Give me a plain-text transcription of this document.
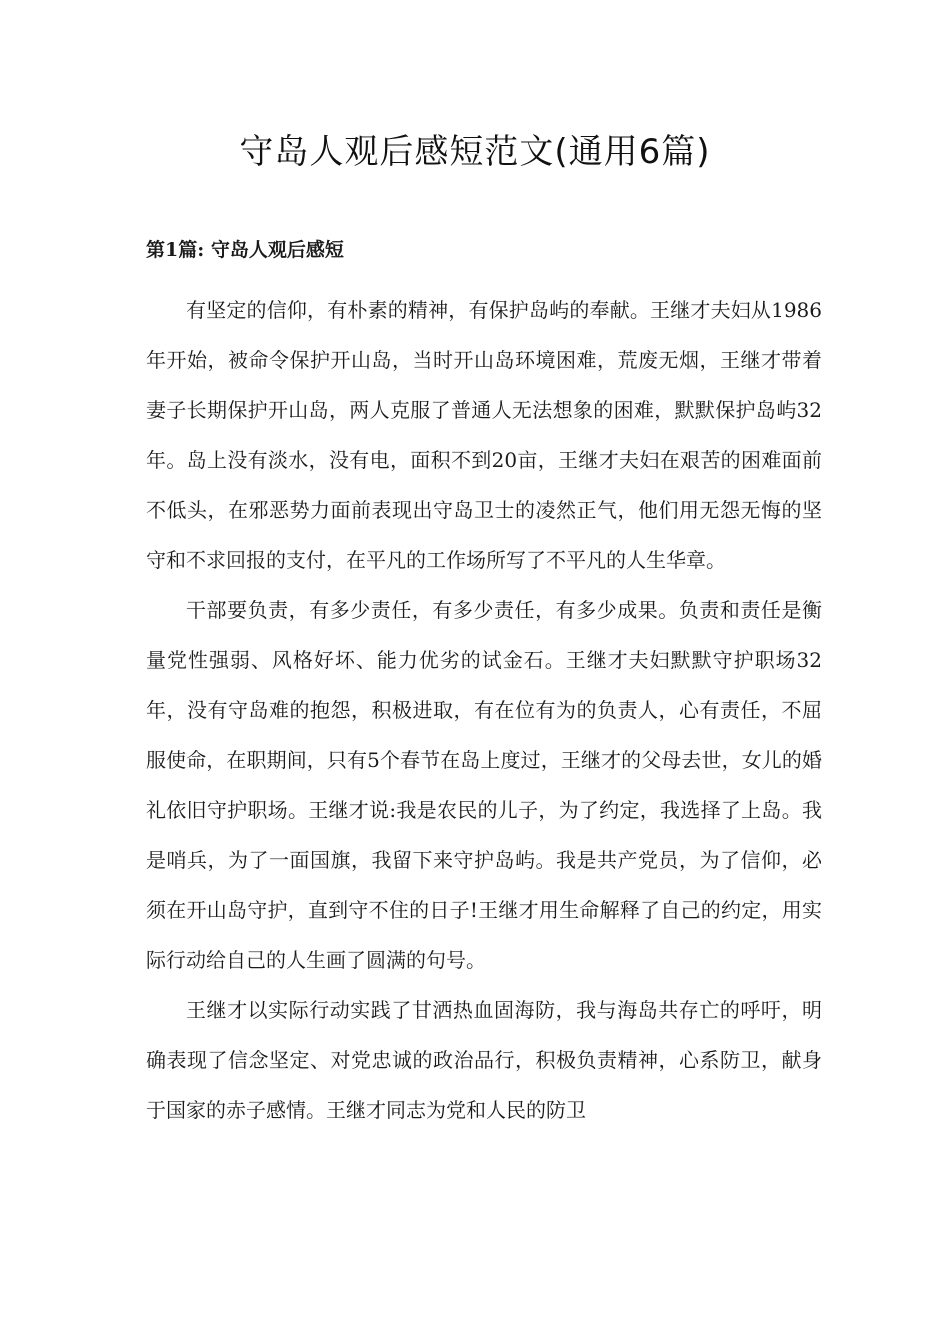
守岛人观后感短范文(通用6篇)
第1篇: 守岛人观后感短

有坚定的信仰，有朴素的精神，有保护岛屿的奉献。王继才夫妇从1986年开始，被命令保护开山岛，当时开山岛环境困难，荒废无烟，王继才带着妻子长期保护开山岛，两人克服了普通人无法想象的困难，默默保护岛屿32年。岛上没有淡水，没有电，面积不到20亩，王继才夫妇在艰苦的困难面前不低头，在邪恶势力面前表现出守岛卫士的凌然正气，他们用无怨无悔的坚守和不求回报的支付，在平凡的工作场所写了不平凡的人生华章。

干部要负责，有多少责任，有多少责任，有多少成果。负责和责任是衡量党性强弱、风格好坏、能力优劣的试金石。王继才夫妇默默守护职场32年，没有守岛难的抱怨，积极进取，有在位有为的负责人，心有责任，不屈服使命，在职期间，只有5个春节在岛上度过，王继才的父母去世，女儿的婚礼依旧守护职场。王继才说:我是农民的儿子，为了约定，我选择了上岛。我是哨兵，为了一面国旗，我留下来守护岛屿。我是共产党员，为了信仰，必须在开山岛守护，直到守不住的日子!王继才用生命解释了自己的约定，用实际行动给自己的人生画了圆满的句号。

王继才以实际行动实践了甘洒热血固海防，我与海岛共存亡的呼吁，明确表现了信念坚定、对党忠诚的政治品行，积极负责精神，心系防卫，献身于国家的赤子感情。王继才同志为党和人民的防卫
